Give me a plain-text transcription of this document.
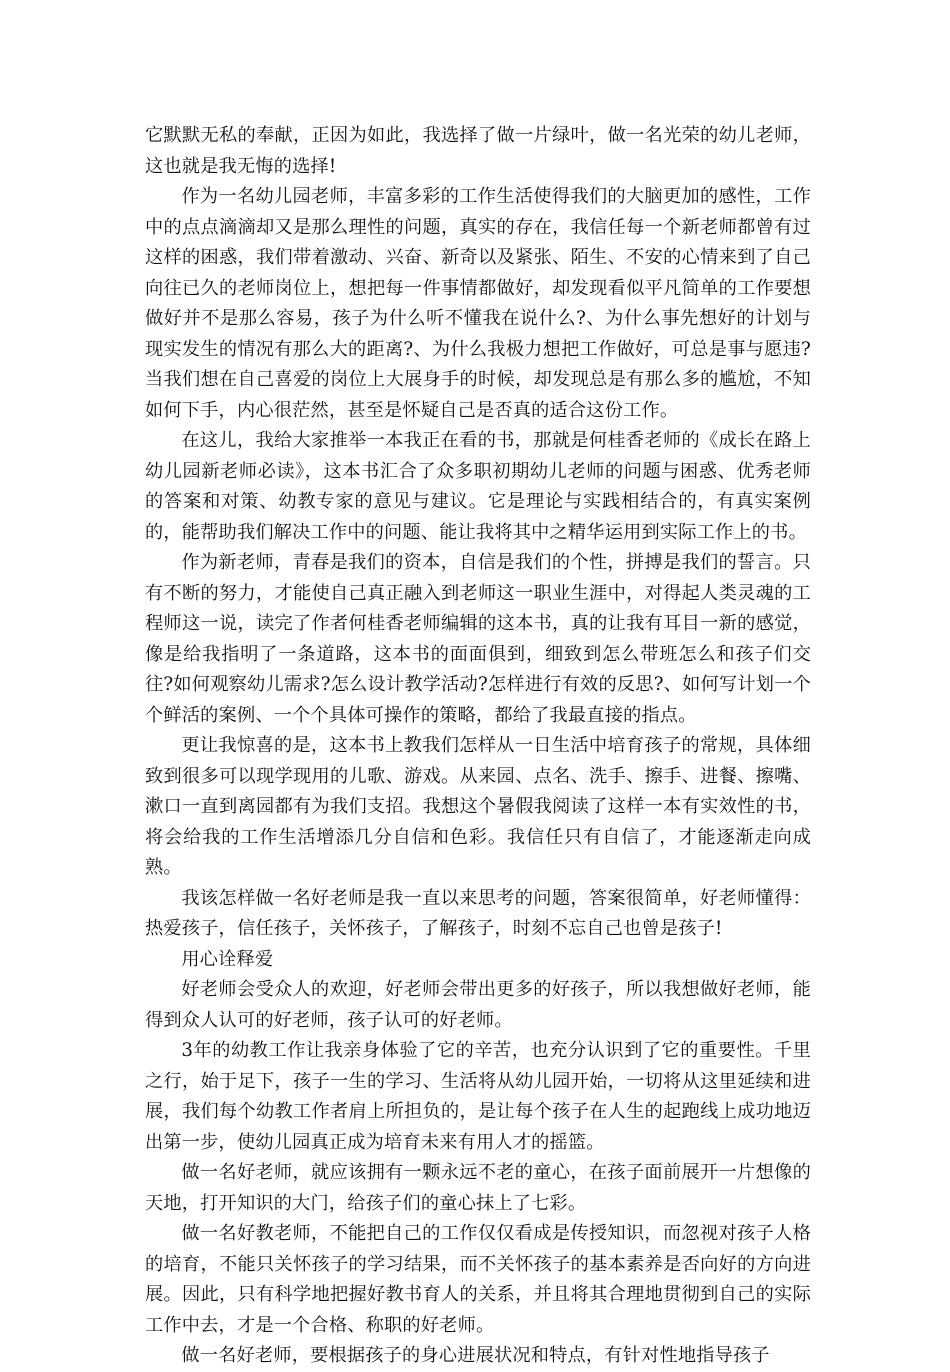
它默默无私的奉献，正因为如此，我选择了做一片绿叶，做一名光荣的幼儿老师，这也就是我无悔的选择!

作为一名幼儿园老师，丰富多彩的工作生活使得我们的大脑更加的感性，工作中的点点滴滴却又是那么理性的问题，真实的存在，我信任每一个新老师都曾有过这样的困惑，我们带着激动、兴奋、新奇以及紧张、陌生、不安的心情来到了自己向往已久的老师岗位上，想把每一件事情都做好，却发现看似平凡简单的工作要想做好并不是那么容易，孩子为什么听不懂我在说什么?、为什么事先想好的计划与现实发生的情况有那么大的距离?、为什么我极力想把工作做好，可总是事与愿违?当我们想在自己喜爱的岗位上大展身手的时候，却发现总是有那么多的尴尬，不知如何下手，内心很茫然，甚至是怀疑自己是否真的适合这份工作。

在这儿，我给大家推举一本我正在看的书，那就是何桂香老师的《成长在路上幼儿园新老师必读》，这本书汇合了众多职初期幼儿老师的问题与困惑、优秀老师的答案和对策、幼教专家的意见与建议。它是理论与实践相结合的，有真实案例的，能帮助我们解决工作中的问题、能让我将其中之精华运用到实际工作上的书。

作为新老师，青春是我们的资本，自信是我们的个性，拼搏是我们的誓言。只有不断的努力，才能使自己真正融入到老师这一职业生涯中，对得起人类灵魂的工程师这一说，读完了作者何桂香老师编辑的这本书，真的让我有耳目一新的感觉，像是给我指明了一条道路，这本书的面面俱到，细致到怎么带班怎么和孩子们交往?如何观察幼儿需求?怎么设计教学活动?怎样进行有效的反思?、如何写计划一个个鲜活的案例、一个个具体可操作的策略，都给了我最直接的指点。

更让我惊喜的是，这本书上教我们怎样从一日生活中培育孩子的常规，具体细致到很多可以现学现用的儿歌、游戏。从来园、点名、洗手、擦手、进餐、擦嘴、漱口一直到离园都有为我们支招。我想这个暑假我阅读了这样一本有实效性的书，将会给我的工作生活增添几分自信和色彩。我信任只有自信了，才能逐渐走向成熟。

我该怎样做一名好老师是我一直以来思考的问题，答案很简单，好老师懂得：热爱孩子，信任孩子，关怀孩子，了解孩子，时刻不忘自己也曾是孩子!

用心诠释爱

好老师会受众人的欢迎，好老师会带出更多的好孩子，所以我想做好老师，能得到众人认可的好老师，孩子认可的好老师。

3年的幼教工作让我亲身体验了它的辛苦，也充分认识到了它的重要性。千里之行，始于足下，孩子一生的学习、生活将从幼儿园开始，一切将从这里延续和进展，我们每个幼教工作者肩上所担负的，是让每个孩子在人生的起跑线上成功地迈出第一步，使幼儿园真正成为培育未来有用人才的摇篮。

做一名好老师，就应该拥有一颗永远不老的童心，在孩子面前展开一片想像的天地，打开知识的大门，给孩子们的童心抹上了七彩。

做一名好教老师，不能把自己的工作仅仅看成是传授知识，而忽视对孩子人格的培育，不能只关怀孩子的学习结果，而不关怀孩子的基本素养是否向好的方向进展。因此，只有科学地把握好教书育人的关系，并且将其合理地贯彻到自己的实际工作中去，才是一个合格、称职的好老师。

做一名好老师，要根据孩子的身心进展状况和特点，有针对性地指导孩子
